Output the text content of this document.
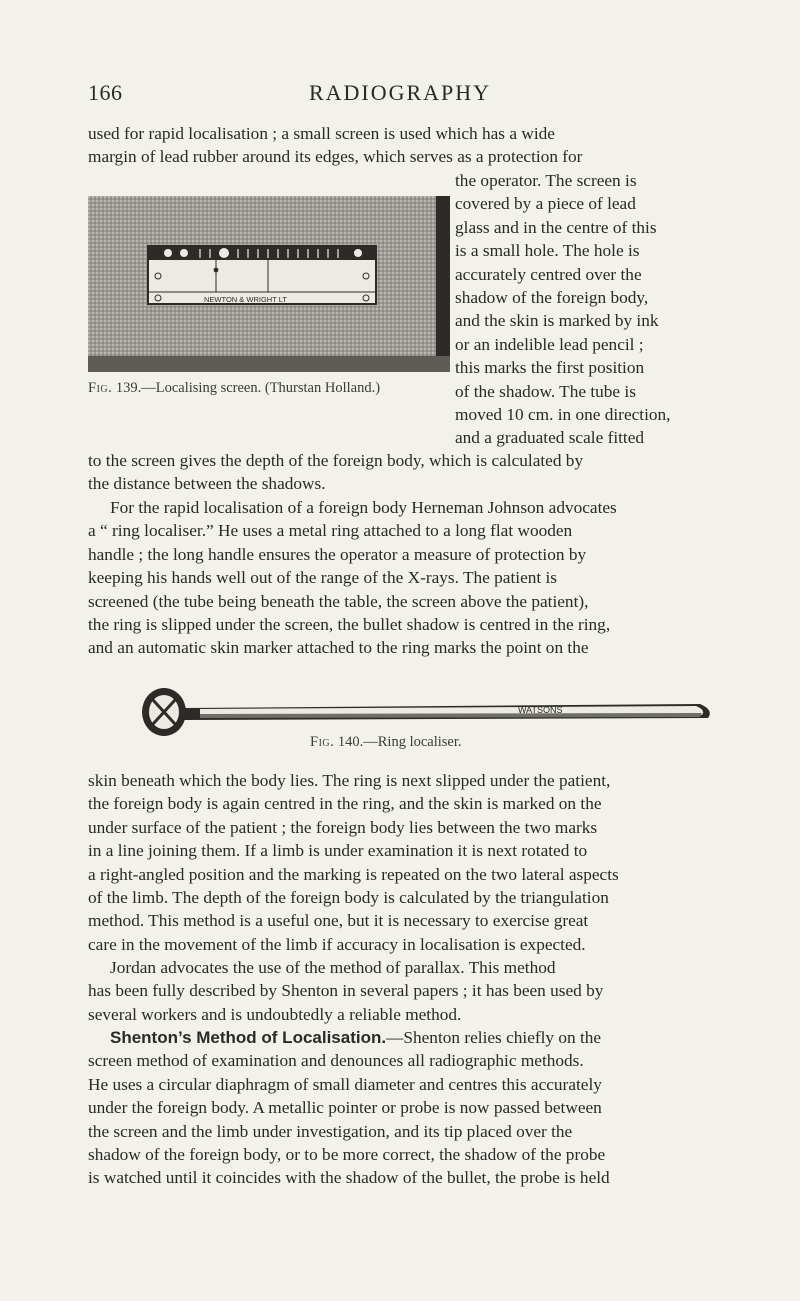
166	RADIOGRAPHY

used for rapid localisation ; a small screen is used which has a wide

margin of lead rubber around its edges, which serves as a protection for

NEWTON & WRIGHT LT
Fig. 139.—Localising screen. (Thurstan Holland.)

the operator. The screen is

covered by a piece of lead

glass and in the centre of this

is a small hole. The hole is

accurately centred over the

shadow of the foreign body,

and the skin is marked by ink

or an indelible lead pencil ;

this marks the first position

of the shadow. The tube is

moved 10 cm. in one direction,

and a graduated scale fitted

to the screen gives the depth of the foreign body, which is calculated by

the distance between the shadows.

For the rapid localisation of a foreign body Herneman Johnson advocates

a “ ring localiser.” He uses a metal ring attached to a long flat wooden

handle ; the long handle ensures the operator a measure of protection by

keeping his hands well out of the range of the X-rays. The patient is

screened (the tube being beneath the table, the screen above the patient),

the ring is slipped under the screen, the bullet shadow is centred in the ring,

and an automatic skin marker attached to the ring marks the point on the

WATSONS
Fig. 140.—Ring localiser.

skin beneath which the body lies. The ring is next slipped under the patient,

the foreign body is again centred in the ring, and the skin is marked on the

under surface of the patient ; the foreign body lies between the two marks

in a line joining them. If a limb is under examination it is next rotated to

a right-angled position and the marking is repeated on the two lateral aspects

of the limb. The depth of the foreign body is calculated by the triangulation

method. This method is a useful one, but it is necessary to exercise great

care in the movement of the limb if accuracy in localisation is expected.

Jordan advocates the use of the method of parallax. This method

has been fully described by Shenton in several papers ; it has been used by

several workers and is undoubtedly a reliable method.

Shenton’s Method of Localisation.—Shenton relies chiefly on the

screen method of examination and denounces all radiographic methods.

He uses a circular diaphragm of small diameter and centres this accurately

under the foreign body. A metallic pointer or probe is now passed between

the screen and the limb under investigation, and its tip placed over the

shadow of the foreign body, or to be more correct, the shadow of the probe

is watched until it coincides with the shadow of the bullet, the probe is held
